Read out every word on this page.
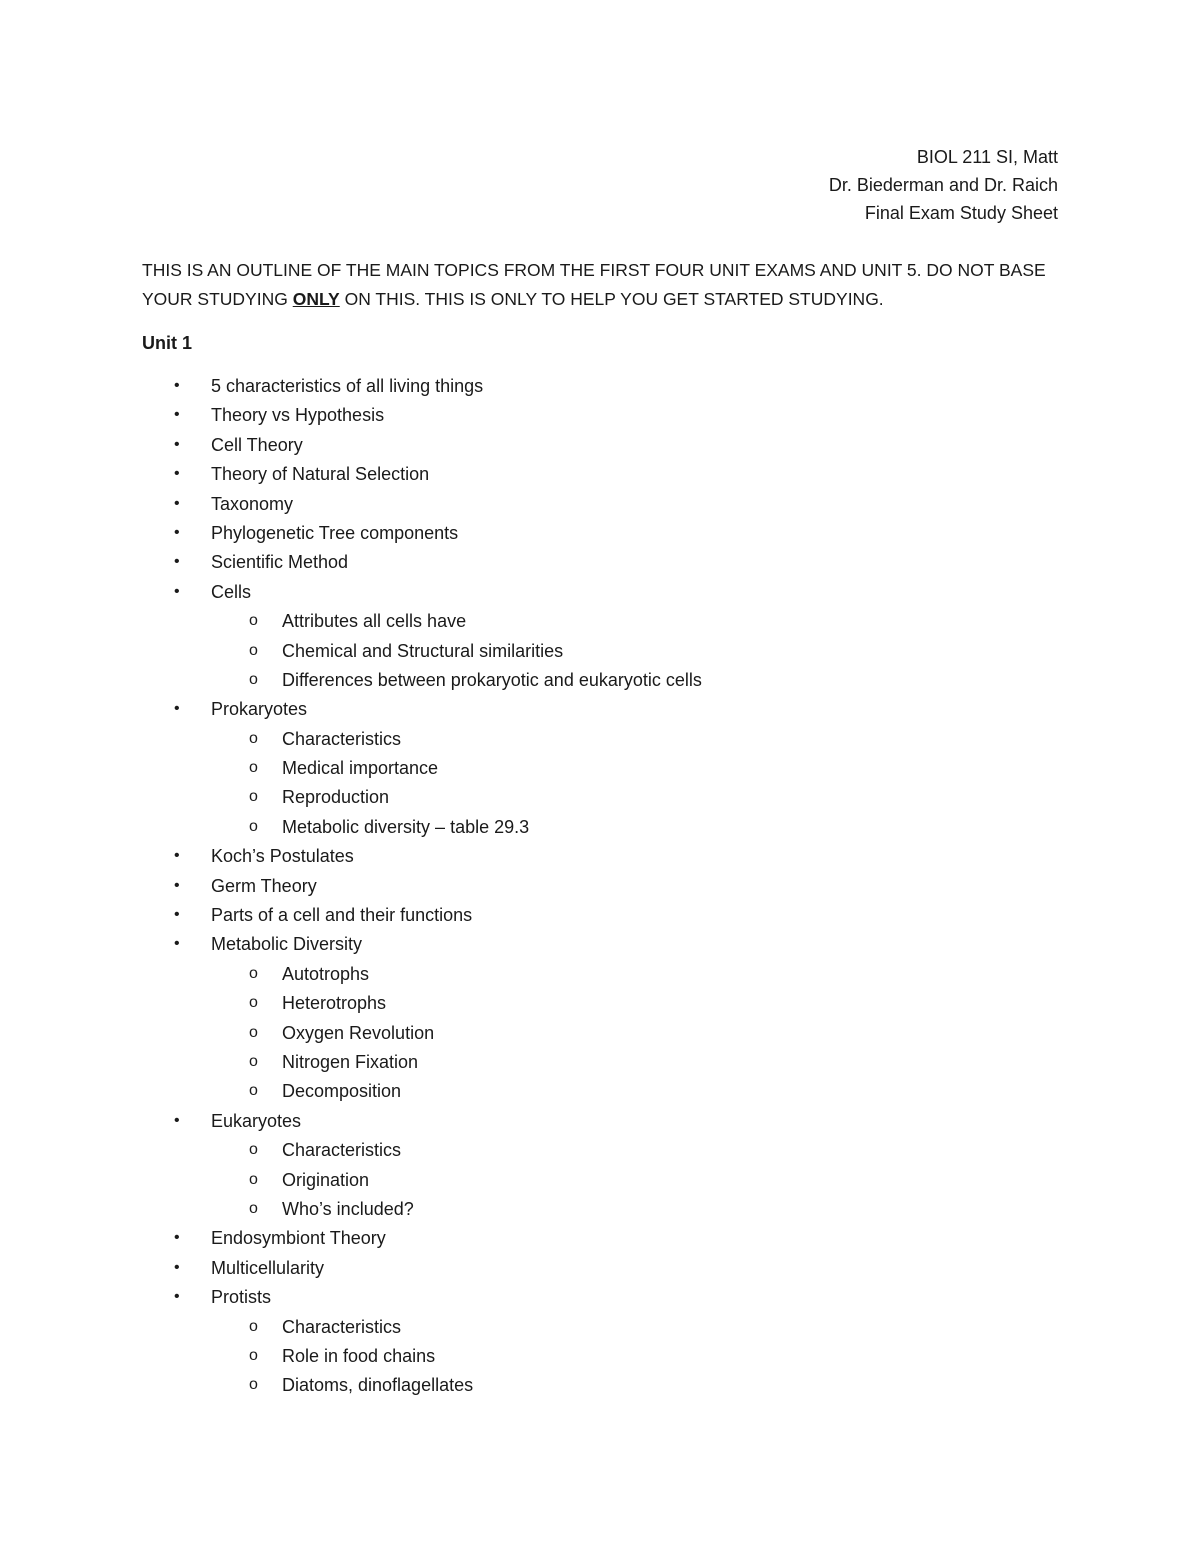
BIOL 211 SI, Matt
Dr. Biederman and Dr. Raich
Final Exam Study Sheet
THIS IS AN OUTLINE OF THE MAIN TOPICS FROM THE FIRST FOUR UNIT EXAMS AND UNIT 5. DO NOT BASE YOUR STUDYING ONLY ON THIS. THIS IS ONLY TO HELP YOU GET STARTED STUDYING.
Unit 1
• 5 characteristics of all living things
• Theory vs Hypothesis
• Cell Theory
• Theory of Natural Selection
• Taxonomy
• Phylogenetic Tree components
• Scientific Method
• Cells
o Attributes all cells have
o Chemical and Structural similarities
o Differences between prokaryotic and eukaryotic cells
• Prokaryotes
o Characteristics
o Medical importance
o Reproduction
o Metabolic diversity – table 29.3
• Koch’s Postulates
• Germ Theory
• Parts of a cell and their functions
• Metabolic Diversity
o Autotrophs
o Heterotrophs
o Oxygen Revolution
o Nitrogen Fixation
o Decomposition
• Eukaryotes
o Characteristics
o Origination
o Who’s included?
• Endosymbiont Theory
• Multicellularity
• Protists
o Characteristics
o Role in food chains
o Diatoms, dinoflagellates
